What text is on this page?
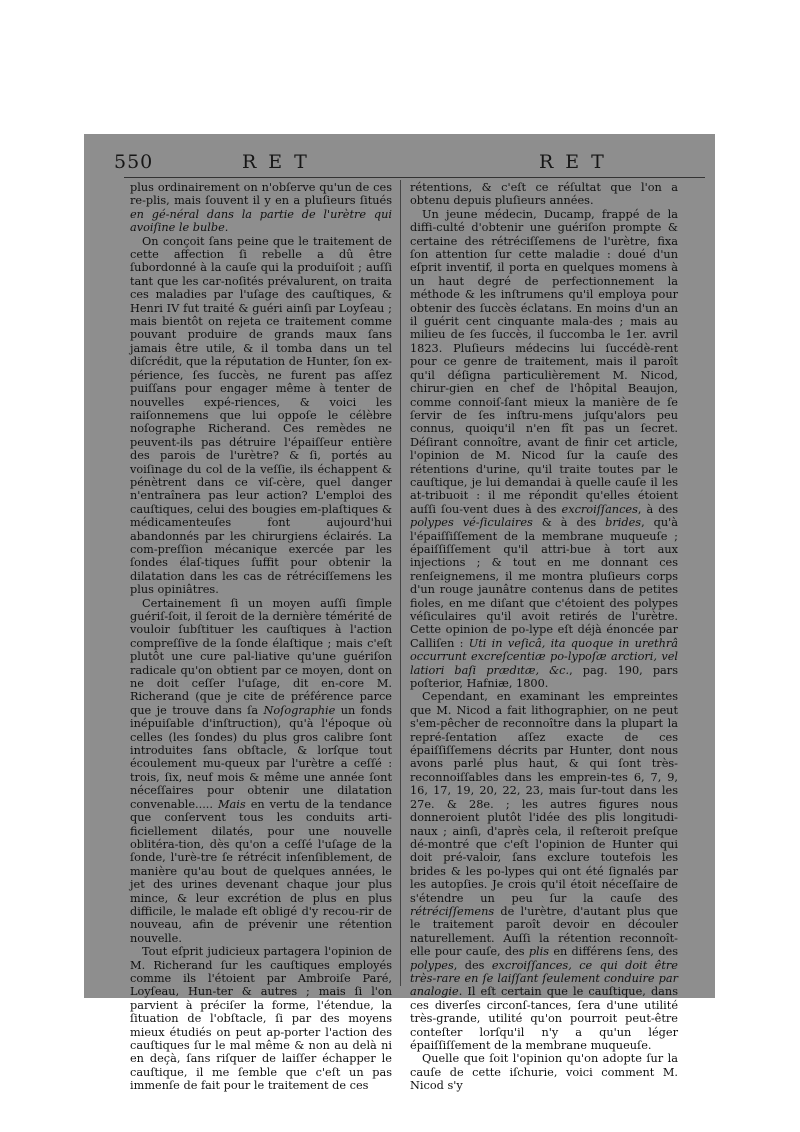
550	RET	RET

plus ordinairement on n'obſerve qu'un de ces re-plis, mais ſouvent il y en a pluſieurs ſitués en gé-néral dans la partie de l'urètre qui avoiſine le bulbe.

On conçoit ſans peine que le traitement de cette affection ſi rebelle a dû être ſubordonné à la cauſe qui la produiſoit ; auſſi tant que les car-noſités prévalurent, on traita ces maladies par l'uſage des cauſtiques, & Henri IV fut traité & guéri ainſi par Loyſeau ; mais bientôt on rejeta ce traitement comme pouvant produire de grands maux ſans jamais être utile, & il tomba dans un tel diſcrédit, que la réputation de Hunter, ſon ex-périence, ſes ſuccès, ne furent pas aſſez puiſſans pour engager même à tenter de nouvelles expé-riences, & voici les raiſonnemens que lui oppoſe le célèbre noſographe Richerand. Ces remèdes ne peuvent-ils pas détruire l'épaiſſeur entière des parois de l'urètre? & ſi, portés au voiſinage du col de la veſſie, ils échappent & pénètrent dans ce viſ-cère, quel danger n'entraînera pas leur action? L'emploi des cauſtiques, celui des bougies em-plaſtiques & médicamenteuſes font aujourd'hui abandonnés par les chirurgiens éclairés. La com-preſſion mécanique exercée par les ſondes élaſ-tiques ſuffit pour obtenir la dilatation dans les cas de rétréciſſemens les plus opiniâtres.

Certainement ſi un moyen auſſi ſimple guériſ-ſoit, il ſeroit de la dernière témérité de vouloir ſubſtituer les cauſtiques à l'action compreſſive de la ſonde élaſtique ; mais c'eſt plutôt une cure pal-liative qu'une guériſon radicale qu'on obtient par ce moyen, dont on ne doit ceſſer l'uſage, dit en-core M. Richerand (que je cite de préférence parce que je trouve dans ſa Noſographie un fonds inépuiſable d'inſtruction), qu'à l'époque où celles (les ſondes) du plus gros calibre ſont introduites ſans obſtacle, & lorſque tout écoulement mu-queux par l'urètre a ceſſé : trois, ſix, neuf mois & même une année ſont néceſſaires pour obtenir une dilatation convenable..... Mais en vertu de la tendance que conſervent tous les conduits arti-ficiellement dilatés, pour une nouvelle oblitéra-tion, dès qu'on a ceſſé l'uſage de la ſonde, l'urè-tre ſe rétrécit inſenſiblement, de manière qu'au bout de quelques années, le jet des urines devenant chaque jour plus mince, & leur excrétion de plus en plus difficile, le malade eſt obligé d'y recou-rir de nouveau, afin de prévenir une rétention nouvelle.

Tout eſprit judicieux partagera l'opinion de M. Richerand ſur les cauſtiques employés comme ils l'étoient par Ambroiſe Paré, Loyſeau, Hun-ter & autres ; mais ſi l'on parvient à préciſer la forme, l'étendue, la ſituation de l'obſtacle, ſi par des moyens mieux étudiés on peut ap-porter l'action des cauſtiques ſur le mal même & non au delà ni en deçà, ſans riſquer de laiſſer échapper le cauſtique, il me ſemble que c'eſt un pas immenſe de fait pour le traitement de ces

rétentions, & c'eſt ce réſultat que l'on a obtenu depuis pluſieurs années.

Un jeune médecin, Ducamp, frappé de la diffi-culté d'obtenir une guériſon prompte & certaine des rétréciſſemens de l'urètre, fixa ſon attention ſur cette maladie : doué d'un eſprit inventif, il porta en quelques momens à un haut degré de perfectionnement la méthode & les inſtrumens qu'il employa pour obtenir des ſuccès éclatans. En moins d'un an il guérit cent cinquante mala-des ; mais au milieu de ſes ſuccès, il ſuccomba le 1er. avril 1823. Pluſieurs médecins lui ſuccédè-rent pour ce genre de traitement, mais il paroît qu'il déſigna particulièrement M. Nicod, chirur-gien en chef de l'hôpital Beaujon, comme connoiſ-ſant mieux la manière de ſe ſervir de ſes inſtru-mens juſqu'alors peu connus, quoiqu'il n'en fît pas un ſecret. Déſirant connoître, avant de finir cet article, l'opinion de M. Nicod ſur la cauſe des rétentions d'urine, qu'il traite toutes par le cauſtique, je lui demandai à quelle cauſe il les at-tribuoit : il me répondit qu'elles étoient auſſi ſou-vent dues à des excroiſſances, à des polypes vé-ſiculaires & à des brides, qu'à l'épaiſſiſſement de la membrane muqueuſe ; épaiſſiſſement qu'il attri-bue à tort aux injections ; & tout en me donnant ces renſeignemens, il me montra pluſieurs corps d'un rouge jaunâtre contenus dans de petites fioles, en me diſant que c'étoient des polypes véſiculaires qu'il avoit retirés de l'urètre. Cette opinion de po-lype eſt déjà énoncée par Calliſen : Uti in veſicâ, ita quoque in urethrâ occurrunt excreſcentiæ po-lypoſæ arctiori, vel latiori baſi prædıtæ, &c., pag. 190, pars poſterior, Hafniæ, 1800.

Cependant, en examinant les empreintes que M. Nicod a fait lithographier, on ne peut s'em-pêcher de reconnoître dans la plupart la repré-ſentation aſſez exacte de ces épaiſſiſſemens décrits par Hunter, dont nous avons parlé plus haut, & qui ſont très-reconnoiſſables dans les emprein-tes 6, 7, 9, 16, 17, 19, 20, 22, 23, mais ſur-tout dans les 27e. & 28e. ; les autres figures nous donneroient plutôt l'idée des plis longitudi-naux ; ainſi, d'après cela, il reſteroit preſque dé-montré que c'eſt l'opinion de Hunter qui doit pré-valoir, ſans exclure toutefois les brides & les po-lypes qui ont été ſignalés par les autopſies. Je crois qu'il étoit néceſſaire de s'étendre un peu ſur la cauſe des rétréciſſemens de l'urètre, d'autant plus que le traitement paroît devoir en découler naturellement. Auſſi la rétention reconnoît-elle pour cauſe, des plis en différens ſens, des polypes, des excroiſſances, ce qui doit être très-rare en ſe laiſſant ſeulement conduire par analogie. Il eſt certain que le cauſtique, dans ces diverſes circonſ-tances, ſera d'une utilité très-grande, utilité qu'on pourroit peut-être conteſter lorſqu'il n'y a qu'un léger épaiſſiſſement de la membrane muqueuſe.

Quelle que ſoit l'opinion qu'on adopte ſur la cauſe de cette iſchurie, voici comment M. Nicod s'y
